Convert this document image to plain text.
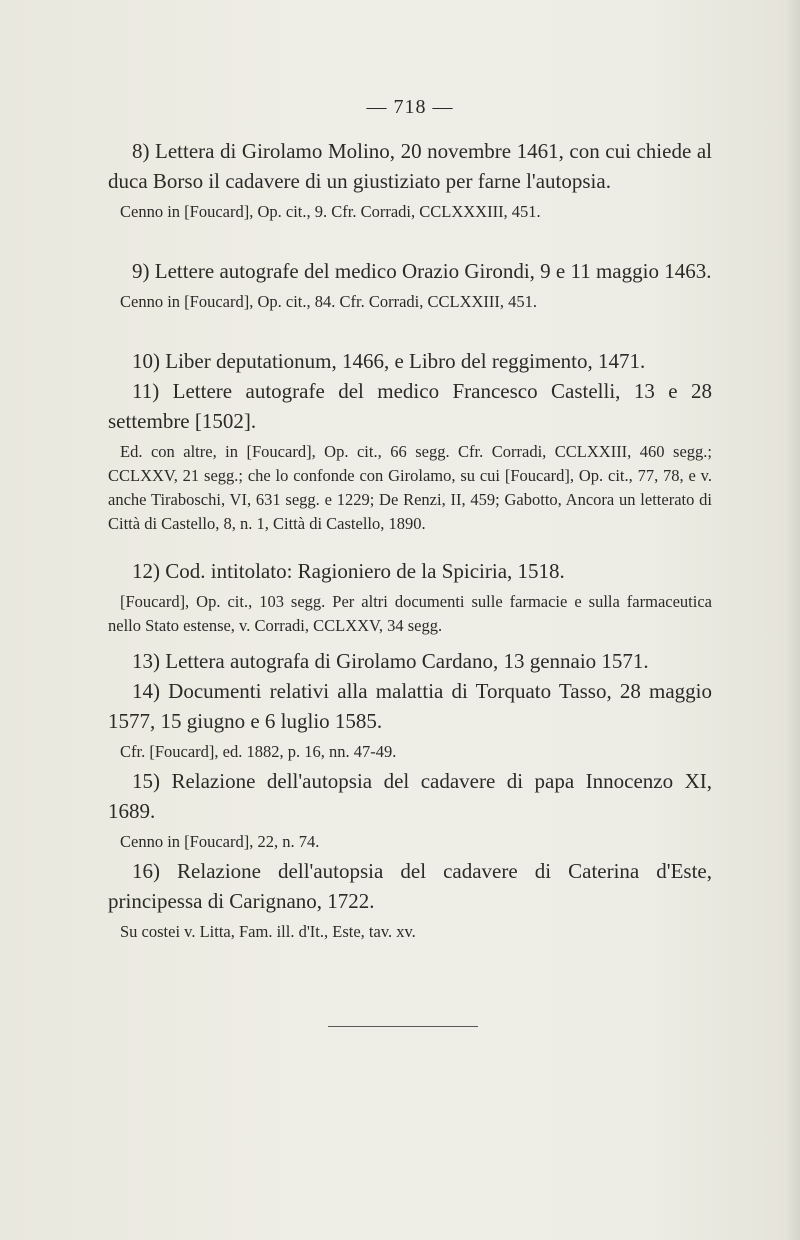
— 718 —

8) Lettera di Girolamo Molino, 20 novembre 1461, con cui chiede al duca Borso il cadavere di un giustiziato per farne l'autopsia.

Cenno in [Foucard], Op. cit., 9. Cfr. Corradi, CCLXXXIII, 451.

9) Lettere autografe del medico Orazio Girondi, 9 e 11 maggio 1463.

Cenno in [Foucard], Op. cit., 84. Cfr. Corradi, CCLXXIII, 451.

10) Liber deputationum, 1466, e Libro del reggimento, 1471.

11) Lettere autografe del medico Francesco Castelli, 13 e 28 settembre [1502].

Ed. con altre, in [Foucard], Op. cit., 66 segg. Cfr. Corradi, CCLXXIII, 460 segg.; CCLXXV, 21 segg.; che lo confonde con Girolamo, su cui [Foucard], Op. cit., 77, 78, e v. anche Tiraboschi, VI, 631 segg. e 1229; De Renzi, II, 459; Gabotto, Ancora un letterato di Città di Castello, 8, n. 1, Città di Castello, 1890.

12) Cod. intitolato: Ragioniero de la Spiciria, 1518.

[Foucard], Op. cit., 103 segg. Per altri documenti sulle farmacie e sulla farmaceutica nello Stato estense, v. Corradi, CCLXXV, 34 segg.

13) Lettera autografa di Girolamo Cardano, 13 gennaio 1571.

14) Documenti relativi alla malattia di Torquato Tasso, 28 maggio 1577, 15 giugno e 6 luglio 1585.

Cfr. [Foucard], ed. 1882, p. 16, nn. 47-49.

15) Relazione dell'autopsia del cadavere di papa Innocenzo XI, 1689.

Cenno in [Foucard], 22, n. 74.

16) Relazione dell'autopsia del cadavere di Caterina d'Este, principessa di Carignano, 1722.

Su costei v. Litta, Fam. ill. d'It., Este, tav. xv.
